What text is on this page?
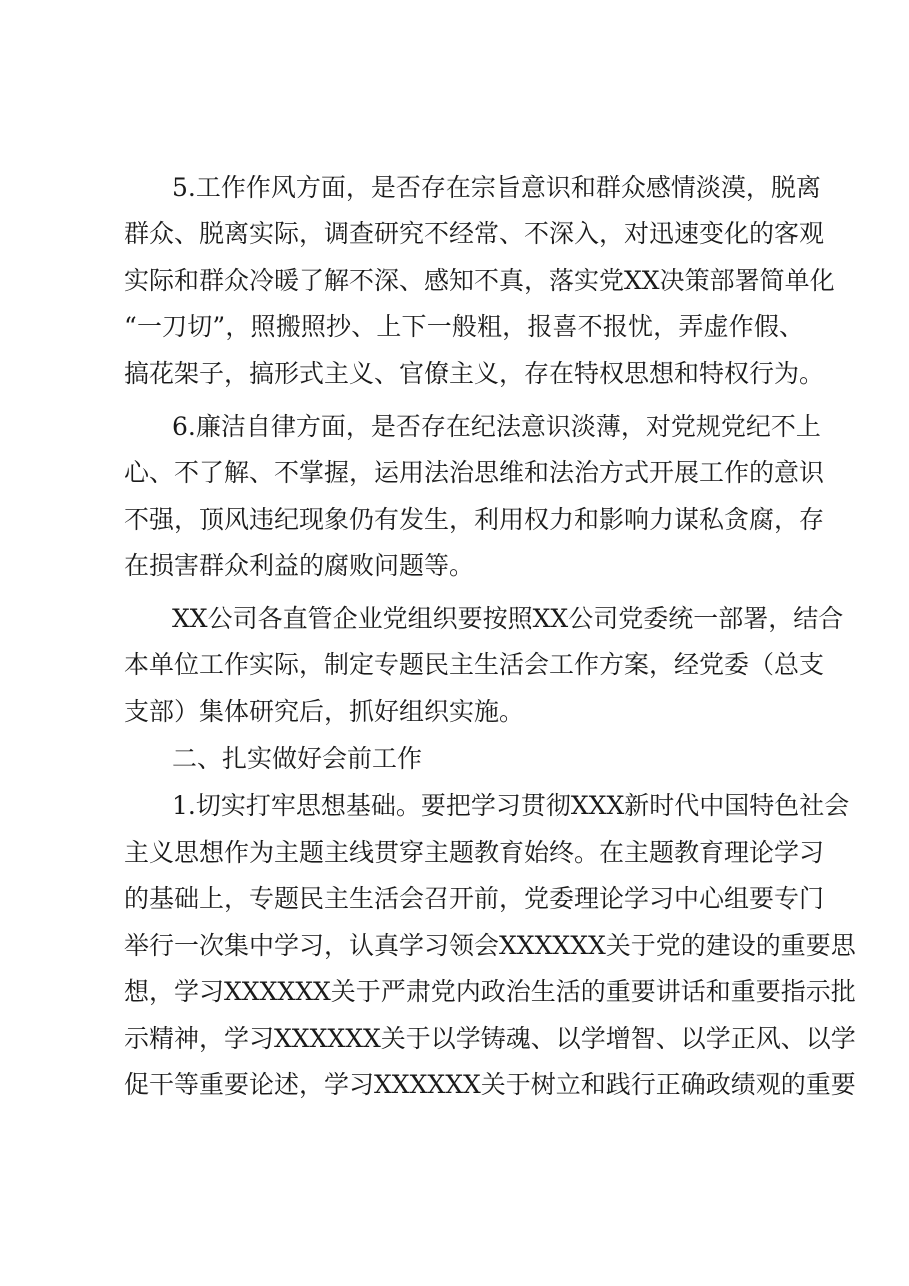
5.工作作风方面，是否存在宗旨意识和群众感情淡漠，脱离
群众、脱离实际，调查研究不经常、不深入，对迅速变化的客观
实际和群众冷暖了解不深、感知不真，落实党XX决策部署简单化
“一刀切”，照搬照抄、上下一般粗，报喜不报忧，弄虚作假、
搞花架子，搞形式主义、官僚主义，存在特权思想和特权行为。
6.廉洁自律方面，是否存在纪法意识淡薄，对党规党纪不上
心、不了解、不掌握，运用法治思维和法治方式开展工作的意识
不强，顶风违纪现象仍有发生，利用权力和影响力谋私贪腐，存
在损害群众利益的腐败问题等。
XX公司各直管企业党组织要按照XX公司党委统一部署，结合
本单位工作实际，制定专题民主生活会工作方案，经党委（总支
支部）集体研究后，抓好组织实施。
二、扎实做好会前工作
1.切实打牢思想基础。要把学习贯彻XXX新时代中国特色社会
主义思想作为主题主线贯穿主题教育始终。在主题教育理论学习
的基础上，专题民主生活会召开前，党委理论学习中心组要专门
举行一次集中学习，认真学习领会XXXXXX关于党的建设的重要思
想，学习XXXXXX关于严肃党内政治生活的重要讲话和重要指示批
示精神，学习XXXXXX关于以学铸魂、以学增智、以学正风、以学
促干等重要论述，学习XXXXXX关于树立和践行正确政绩观的重要
